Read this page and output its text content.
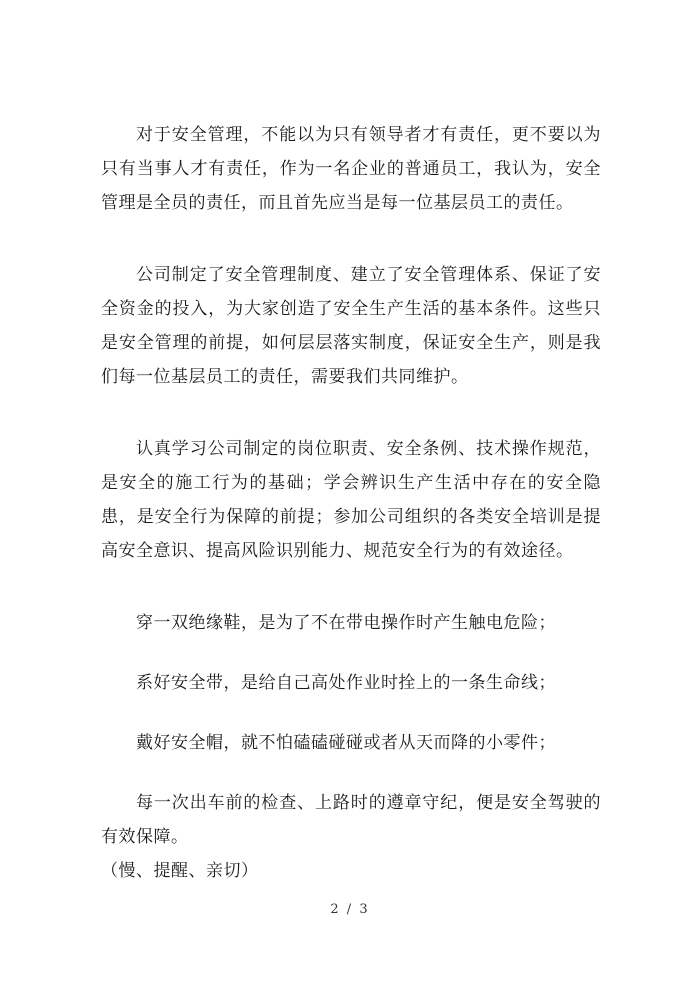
对于安全管理，不能以为只有领导者才有责任，更不要以为只有当事人才有责任，作为一名企业的普通员工，我认为，安全管理是全员的责任，而且首先应当是每一位基层员工的责任。

公司制定了安全管理制度、建立了安全管理体系、保证了安全资金的投入，为大家创造了安全生产生活的基本条件。这些只是安全管理的前提，如何层层落实制度，保证安全生产，则是我们每一位基层员工的责任，需要我们共同维护。

认真学习公司制定的岗位职责、安全条例、技术操作规范，是安全的施工行为的基础；学会辨识生产生活中存在的安全隐患，是安全行为保障的前提；参加公司组织的各类安全培训是提高安全意识、提高风险识别能力、规范安全行为的有效途径。

穿一双绝缘鞋，是为了不在带电操作时产生触电危险；

系好安全带，是给自己高处作业时拴上的一条生命线；

戴好安全帽，就不怕磕磕碰碰或者从天而降的小零件；

每一次出车前的检查、上路时的遵章守纪，便是安全驾驶的有效保障。

（慢、提醒、亲切）

2 / 3
